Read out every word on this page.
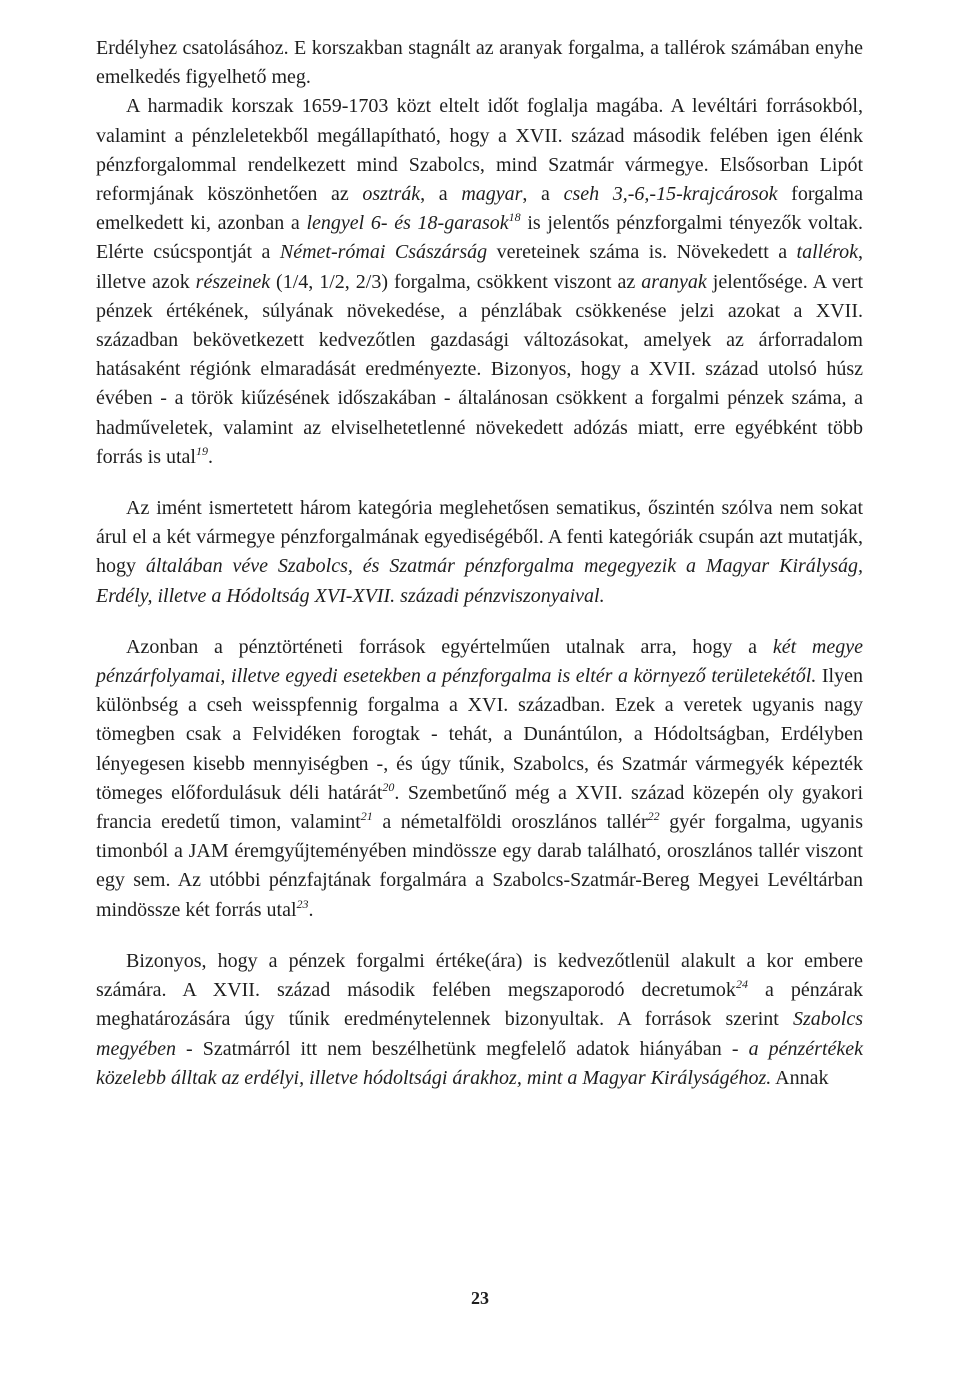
Erdélyhez csatolásához. E korszakban stagnált az aranyak forgalma, a tallérok számában enyhe emelkedés figyelhető meg.

A harmadik korszak 1659-1703 közt eltelt időt foglalja magába. A levéltári forrásokból, valamint a pénzleletekből megállapítható, hogy a XVII. század második felében igen élénk pénzforgalommal rendelkezett mind Szabolcs, mind Szatmár vármegye. Elsősorban Lipót reformjának köszönhetően az osztrák, a magyar, a cseh 3,-6,-15-krajcárosok forgalma emelkedett ki, azonban a lengyel 6- és 18-garasok$^{18}$ is jelentős pénzforgalmi tényezők voltak. Elérte csúcspontját a Német-római Császárság vereteinek száma is. Növekedett a tallérok, illetve azok részeinek (1/4, 1/2, 2/3) forgalma, csökkent viszont az aranyak jelentősége. A vert pénzek értékének, súlyának növekedése, a pénzlábak csökkenése jelzi azokat a XVII. században bekövetkezett kedvezőtlen gazdasági változásokat, amelyek az árforradalom hatásaként régiónk elmaradását eredményezte. Bizonyos, hogy a XVII. század utolsó húsz évében - a török kiűzésének időszakában - általánosan csökkent a forgalmi pénzek száma, a hadműveletek, valamint az elviselhetetlenné növekedett adózás miatt, erre egyébként több forrás is utal$^{19}$.

Az imént ismertetett három kategória meglehetősen sematikus, őszintén szólva nem sokat árul el a két vármegye pénzforgalmának egyediségéből. A fenti kategóriák csupán azt mutatják, hogy általában véve Szabolcs, és Szatmár pénzforgalma megegyezik a Magyar Királyság, Erdély, illetve a Hódoltság XVI-XVII. századi pénzviszonyaival.

Azonban a pénztörténeti források egyértelműen utalnak arra, hogy a két megye pénzárfolyamai, illetve egyedi esetekben a pénzforgalma is eltér a környező területekétől. Ilyen különbség a cseh weisspfennig forgalma a XVI. században. Ezek a veretek ugyanis nagy tömegben csak a Felvidéken forogtak - tehát, a Dunántúlon, a Hódoltságban, Erdélyben lényegesen kisebb mennyiségben -, és úgy tűnik, Szabolcs, és Szatmár vármegyék képezték tömeges előfordulásuk déli határát$^{20}$. Szembetűnő még a XVII. század közepén oly gyakori francia eredetű timon, valamint$^{21}$ a németalföldi oroszlános tallér$^{22}$ gyér forgalma, ugyanis timonból a JAM éremgyűjteményében mindössze egy darab található, oroszlános tallér viszont egy sem. Az utóbbi pénzfajtának forgalmára a Szabolcs-Szatmár-Bereg Megyei Levéltárban mindössze két forrás utal$^{23}$.

Bizonyos, hogy a pénzek forgalmi értéke(ára) is kedvezőtlenül alakult a kor embere számára. A XVII. század második felében megszaporodó decretumok$^{24}$ a pénzárak meghatározására úgy tűnik eredménytelennek bizonyultak. A források szerint Szabolcs megyében - Szatmárról itt nem beszélhetünk megfelelő adatok hiányában - a pénzértékek közelebb álltak az erdélyi, illetve hódoltsági árakhoz, mint a Magyar Királyságéhoz. Annak

23
